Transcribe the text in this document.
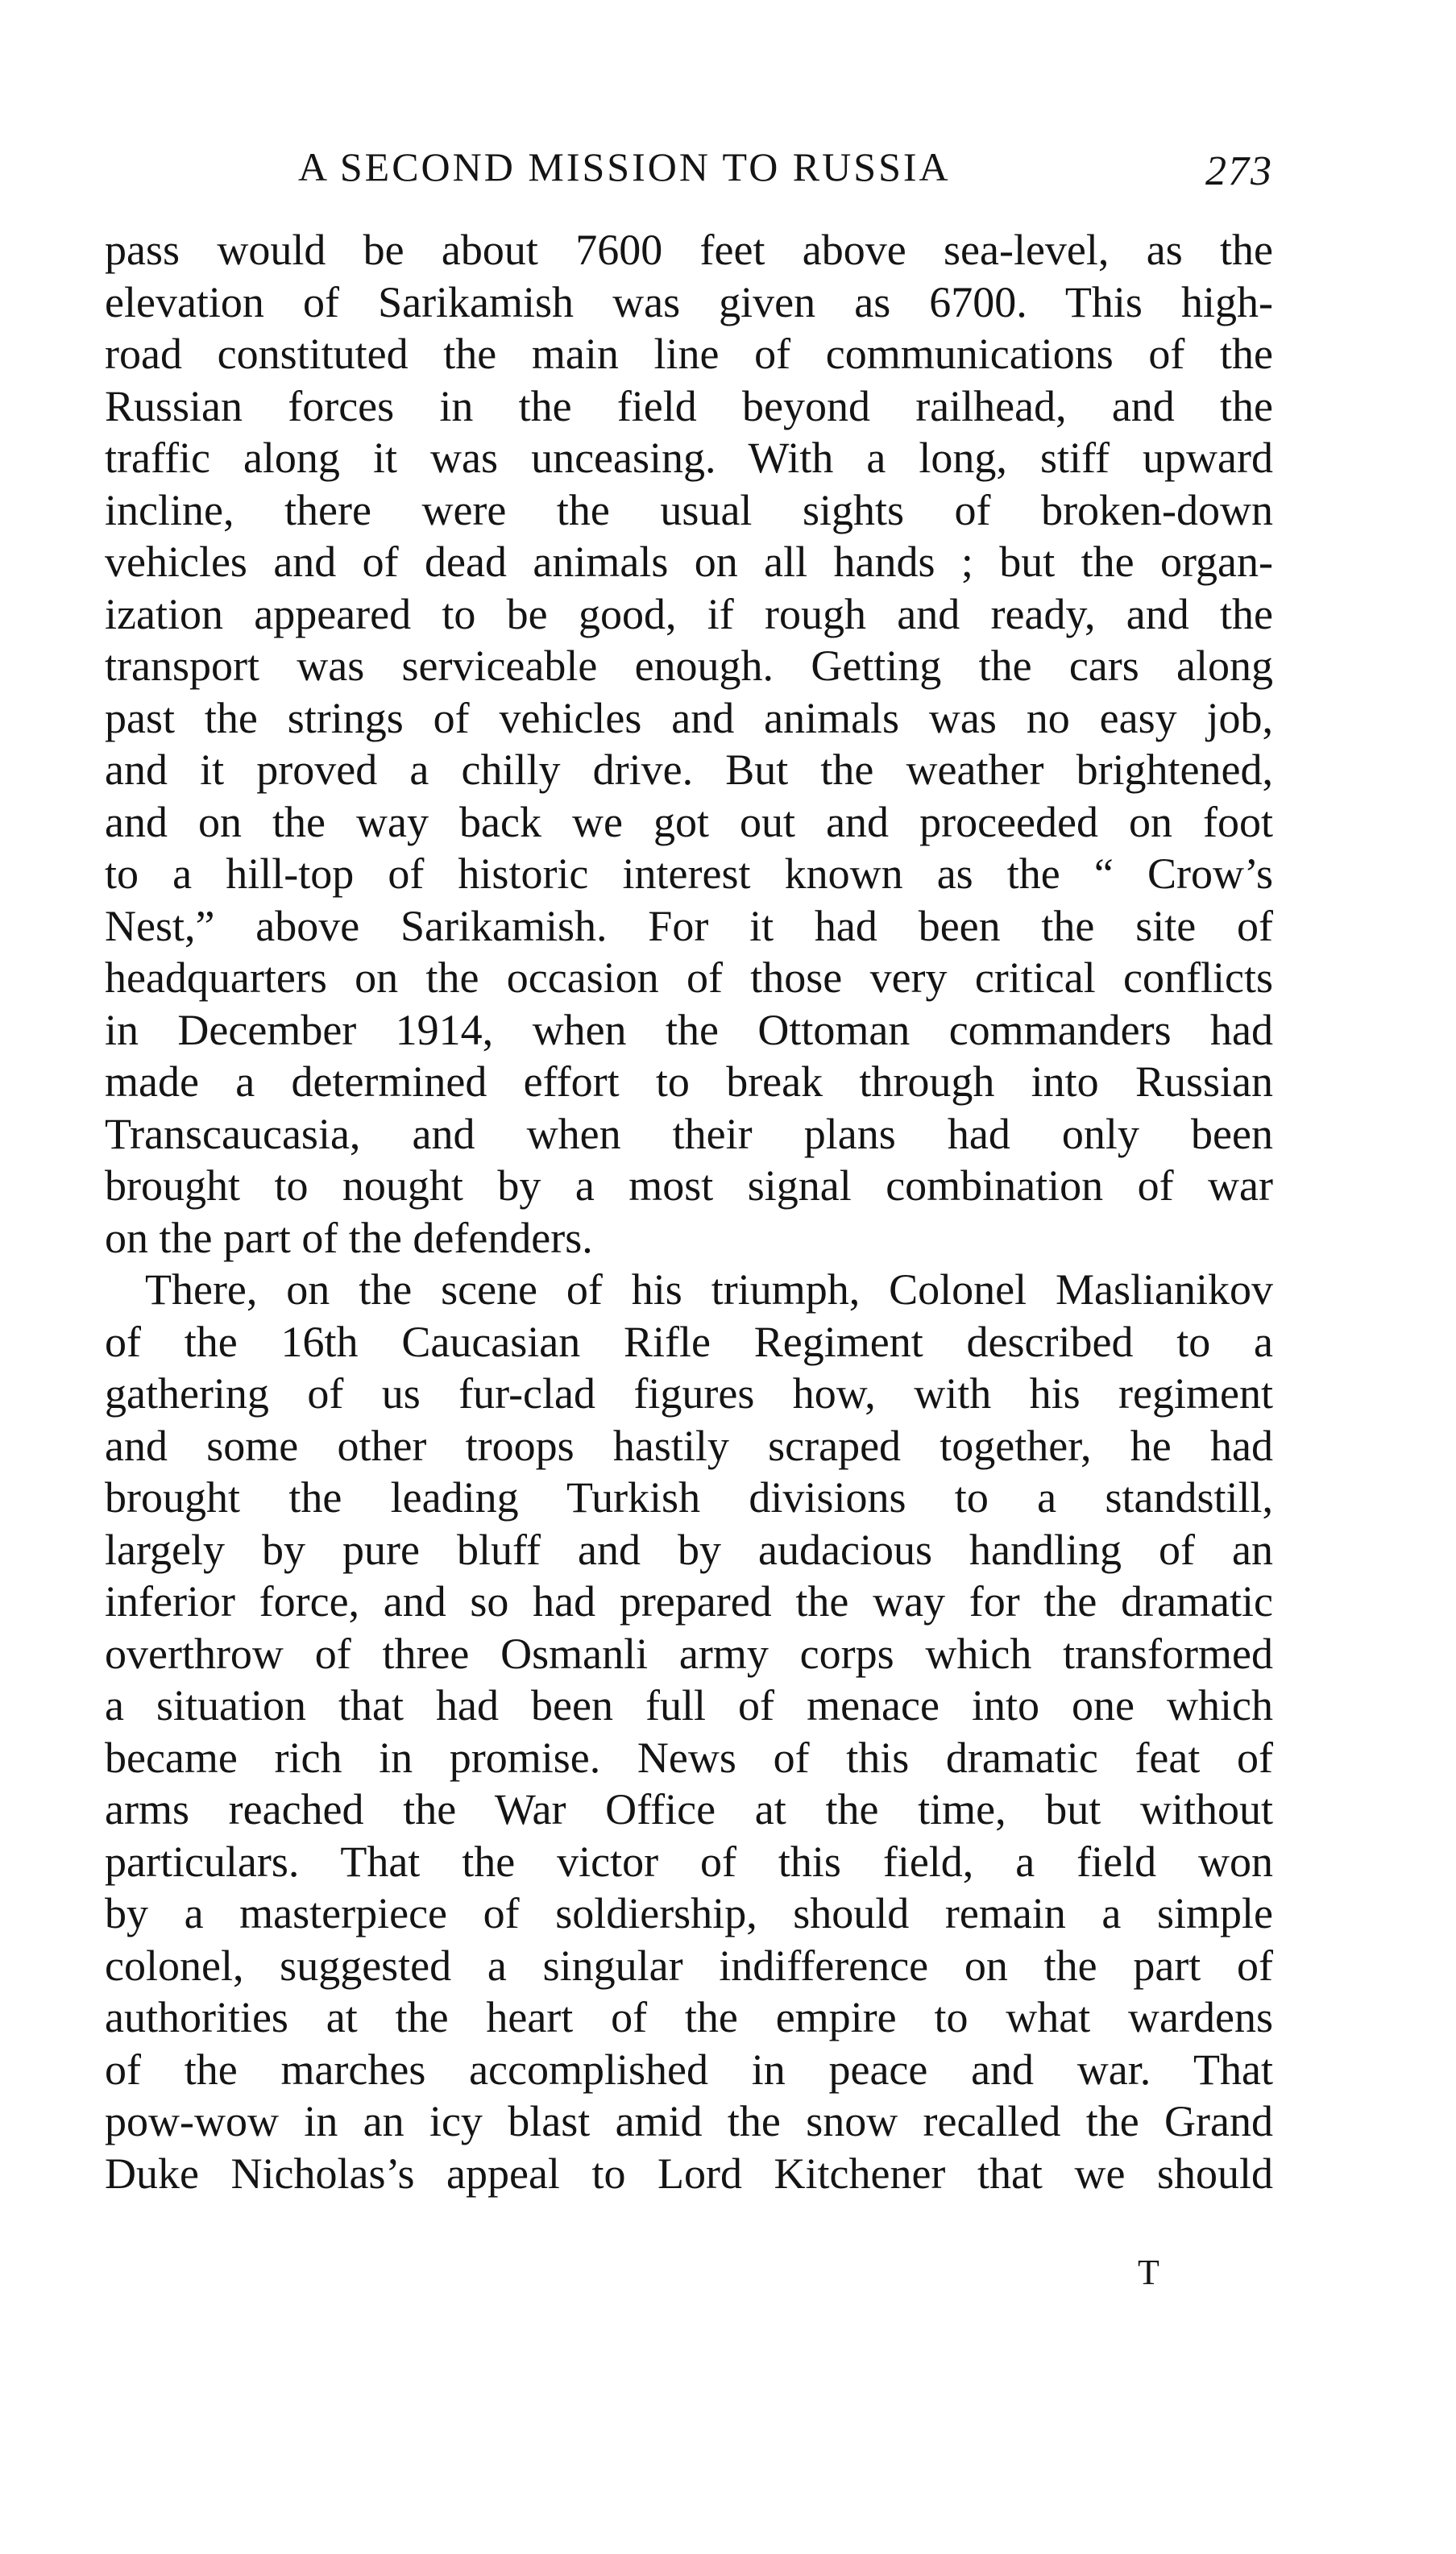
A SECOND MISSION TO RUSSIA	273
pass would be about 7600 feet above sea-level, as the
elevation of Sarikamish was given as 6700. This high-
road constituted the main line of communications of the
Russian forces in the field beyond railhead, and the
traffic along it was unceasing. With a long, stiff upward
incline, there were the usual sights of broken-down
vehicles and of dead animals on all hands ; but the organ-
ization appeared to be good, if rough and ready, and the
transport was serviceable enough. Getting the cars along
past the strings of vehicles and animals was no easy job,
and it proved a chilly drive. But the weather brightened,
and on the way back we got out and proceeded on foot
to a hill-top of historic interest known as the “ Crow’s
Nest,” above Sarikamish. For it had been the site of
headquarters on the occasion of those very critical conflicts
in December 1914, when the Ottoman commanders had
made a determined effort to break through into Russian
Transcaucasia, and when their plans had only been
brought to nought by a most signal combination of war
on the part of the defenders.
There, on the scene of his triumph, Colonel Maslianikov
of the 16th Caucasian Rifle Regiment described to a
gathering of us fur-clad figures how, with his regiment
and some other troops hastily scraped together, he had
brought the leading Turkish divisions to a standstill,
largely by pure bluff and by audacious handling of an
inferior force, and so had prepared the way for the dramatic
overthrow of three Osmanli army corps which transformed
a situation that had been full of menace into one which
became rich in promise. News of this dramatic feat of
arms reached the War Office at the time, but without
particulars. That the victor of this field, a field won
by a masterpiece of soldiership, should remain a simple
colonel, suggested a singular indifference on the part of
authorities at the heart of the empire to what wardens
of the marches accomplished in peace and war. That
pow-wow in an icy blast amid the snow recalled the Grand
Duke Nicholas’s appeal to Lord Kitchener that we should
T
